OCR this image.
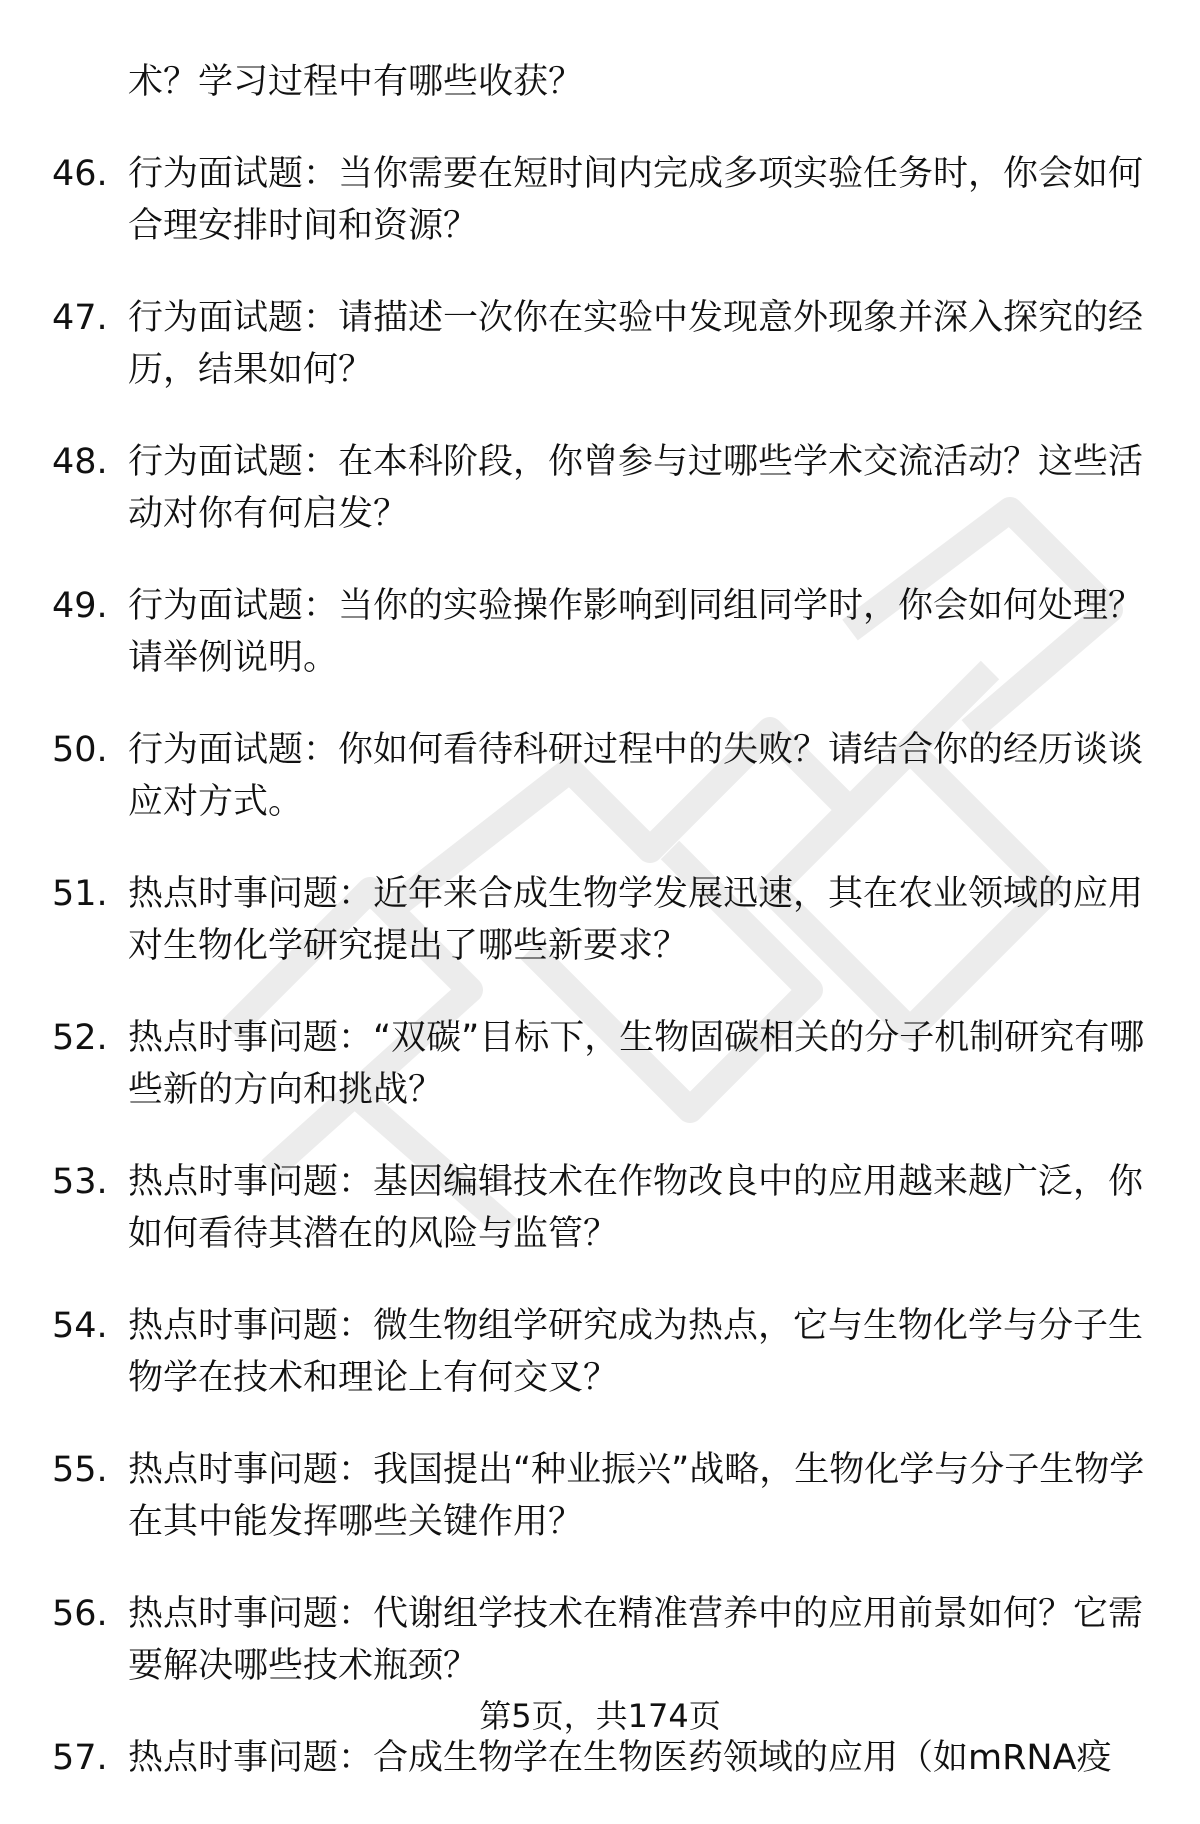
术？学习过程中有哪些收获？
46. 行为面试题：当你需要在短时间内完成多项实验任务时，你会如何合理安排时间和资源？
47. 行为面试题：请描述一次你在实验中发现意外现象并深入探究的经历，结果如何？
48. 行为面试题：在本科阶段，你曾参与过哪些学术交流活动？这些活动对你有何启发？
49. 行为面试题：当你的实验操作影响到同组同学时，你会如何处理？请举例说明。
50. 行为面试题：你如何看待科研过程中的失败？请结合你的经历谈谈应对方式。
51. 热点时事问题：近年来合成生物学发展迅速，其在农业领域的应用对生物化学研究提出了哪些新要求？
52. 热点时事问题：“双碳”目标下，生物固碳相关的分子机制研究有哪些新的方向和挑战？
53. 热点时事问题：基因编辑技术在作物改良中的应用越来越广泛，你如何看待其潜在的风险与监管？
54. 热点时事问题：微生物组学研究成为热点，它与生物化学与分子生物学在技术和理论上有何交叉？
55. 热点时事问题：我国提出“种业振兴”战略，生物化学与分子生物学在其中能发挥哪些关键作用？
56. 热点时事问题：代谢组学技术在精准营养中的应用前景如何？它需要解决哪些技术瓶颈？
57. 热点时事问题：合成生物学在生物医药领域的应用（如mRNA疫
第5页，共174页
